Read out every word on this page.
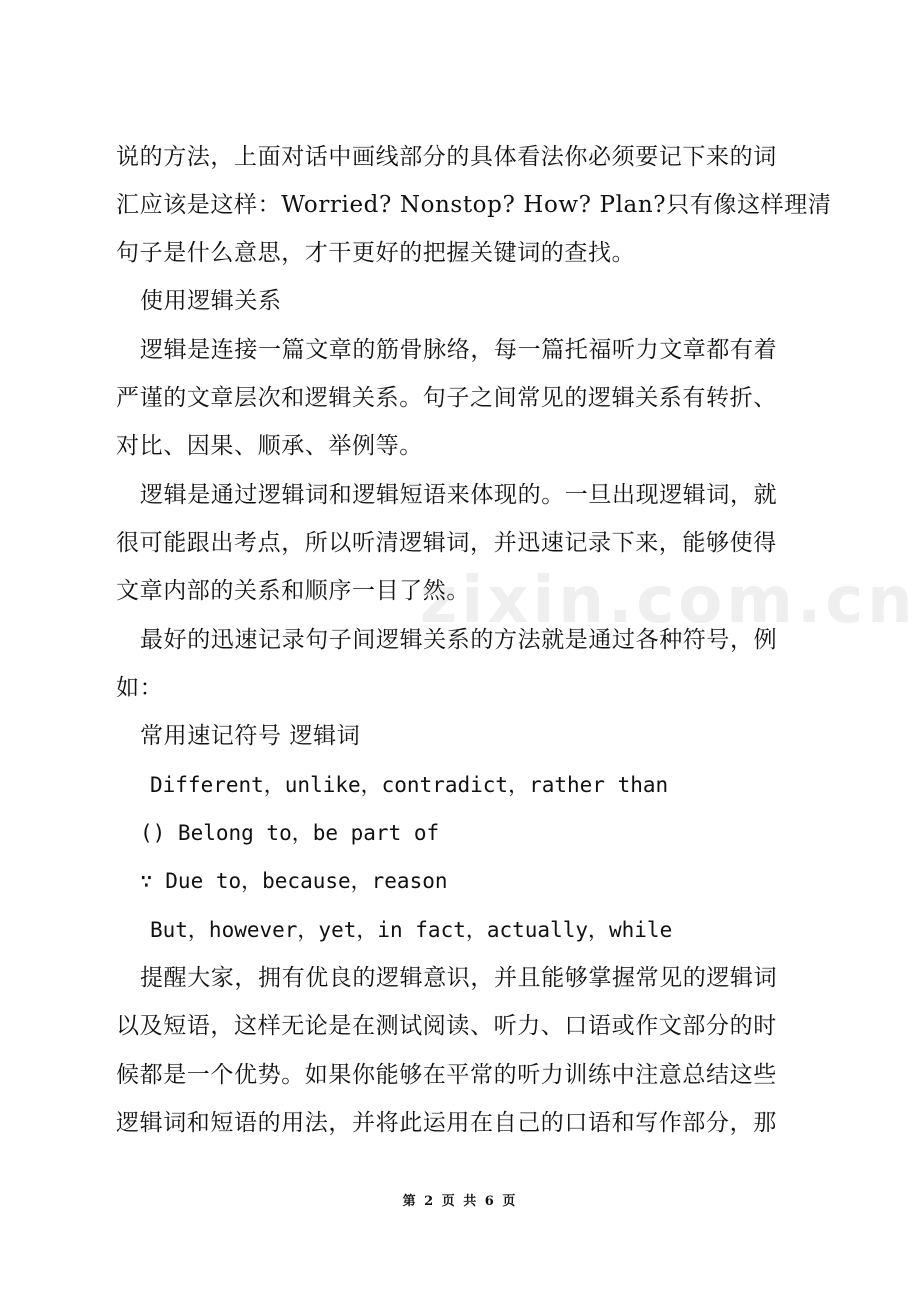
zixin.com.cn
说的方法，上面对话中画线部分的具体看法你必须要记下来的词
汇应该是这样：Worried? Nonstop? How? Plan?只有像这样理清
句子是什么意思，才干更好的把握关键词的查找。
使用逻辑关系
逻辑是连接一篇文章的筋骨脉络，每一篇托福听力文章都有着
严谨的文章层次和逻辑关系。句子之间常见的逻辑关系有转折、
对比、因果、顺承、举例等。
逻辑是通过逻辑词和逻辑短语来体现的。一旦出现逻辑词，就
很可能跟出考点，所以听清逻辑词，并迅速记录下来，能够使得
文章内部的关系和顺序一目了然。
最好的迅速记录句子间逻辑关系的方法就是通过各种符号，例
如：
常用速记符号 逻辑词
Different，unlike，contradict，rather than
() Belong to，be part of
∵ Due to，because，reason
But，however，yet，in fact，actually，while
提醒大家，拥有优良的逻辑意识，并且能够掌握常见的逻辑词
以及短语，这样无论是在测试阅读、听力、口语或作文部分的时
候都是一个优势。如果你能够在平常的听力训练中注意总结这些
逻辑词和短语的用法，并将此运用在自己的口语和写作部分，那
第 2 页 共 6 页
